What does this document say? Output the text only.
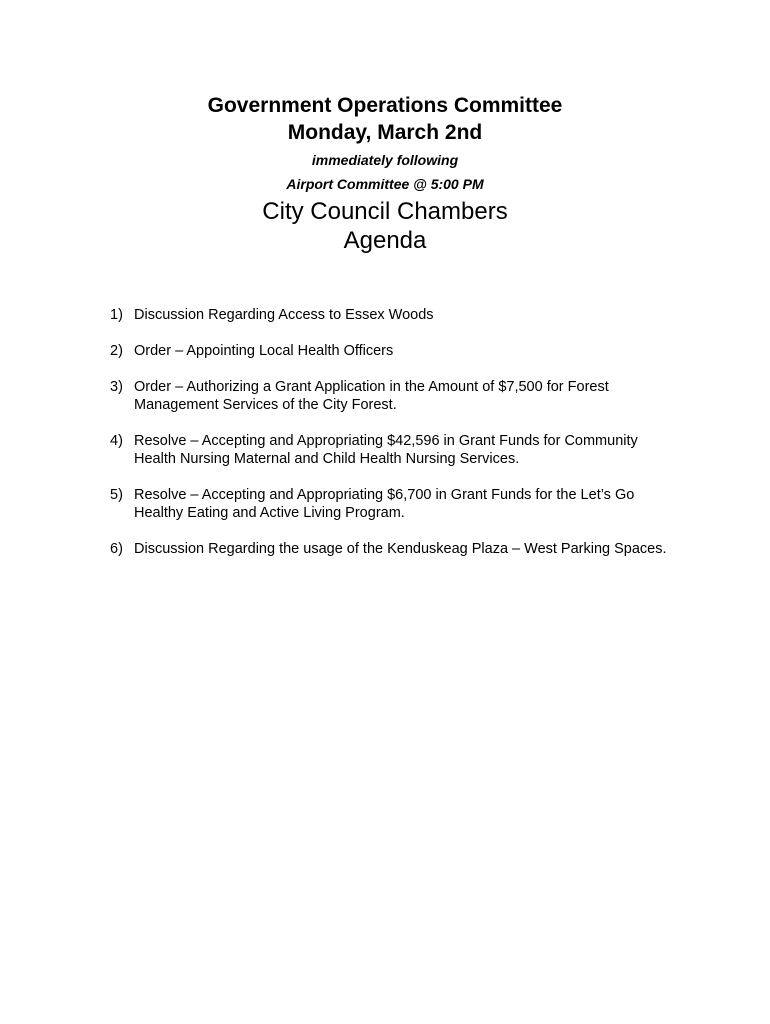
Government Operations Committee

Monday, March 2nd

immediately following

Airport Committee @ 5:00 PM

City Council Chambers

Agenda

1) Discussion Regarding Access to Essex Woods
2) Order – Appointing Local Health Officers
3) Order – Authorizing a Grant Application in the Amount of $7,500 for Forest Management Services of the City Forest.
4) Resolve – Accepting and Appropriating $42,596 in Grant Funds for Community Health Nursing Maternal and Child Health Nursing Services.
5) Resolve – Accepting and Appropriating $6,700 in Grant Funds for the Let’s Go Healthy Eating and Active Living Program.
6) Discussion Regarding the usage of the Kenduskeag Plaza – West Parking Spaces.
